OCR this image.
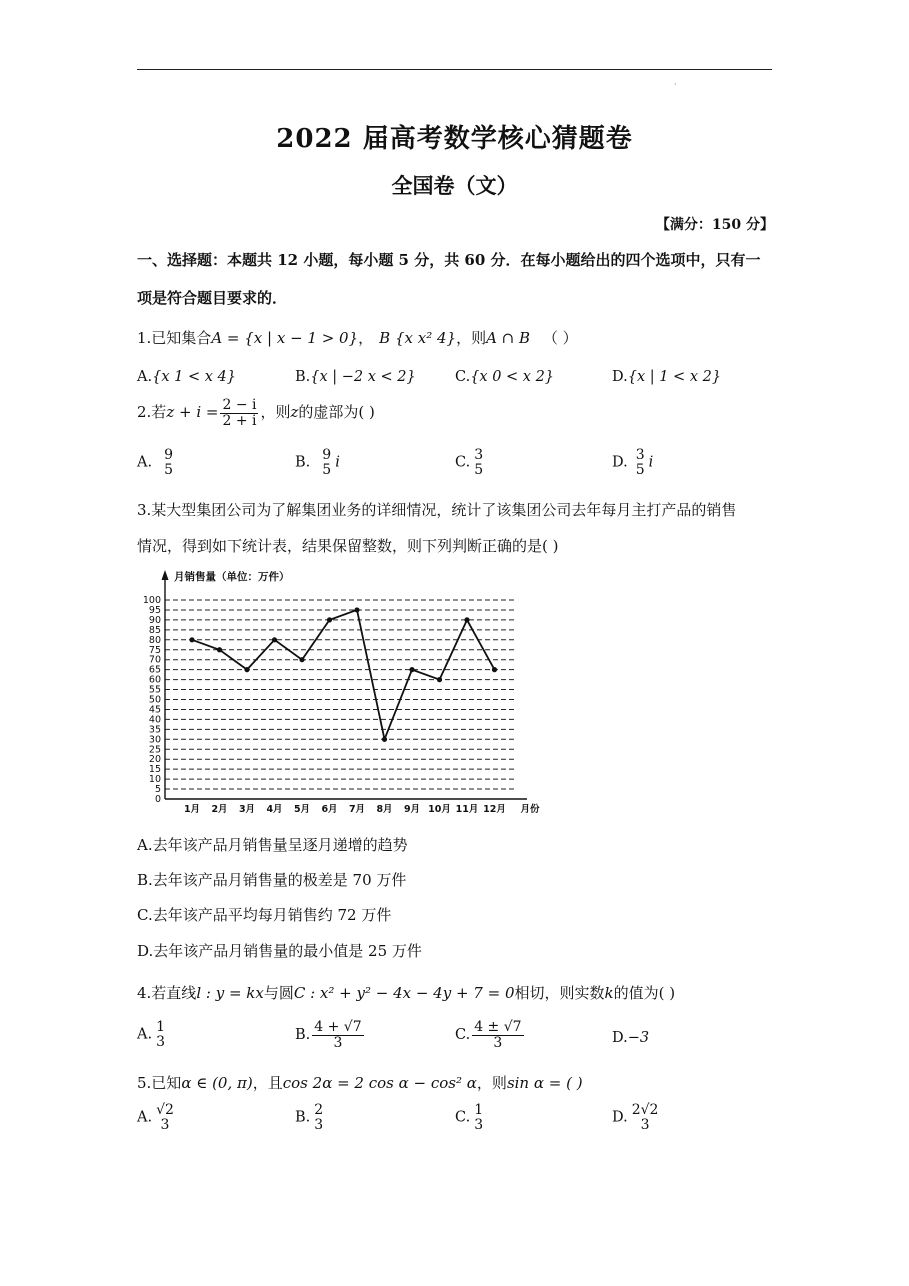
·
2022 届高考数学核心猜题卷
全国卷（文）
【满分：150 分】
一、选择题：本题共 12 小题，每小题 5 分，共 60 分．在每小题给出的四个选项中，只有一
项是符合题目要求的．
1.已知集合A = {x | x − 1 > 0}， B {x x² 4}，则A ∩ B （ ）
A.{x 1 < x 4}	B.{x | −2 x < 2}	C.{x 0 < x 2}	D.{x | 1 < x 2}
2.若$z + i = \frac{2 - i}{2 + i}$ ，则z的虚部为( )
A. 9
5	B. 9
5 i	C. 3
5	D. 3
5 i
3.某大型集团公司为了解集团业务的详细情况，统计了该集团公司去年每月主打产品的销售
情况，得到如下统计表，结果保留整数，则下列判断正确的是( )
0
5
10
15
20
25
30
35
40
45
50
55
60
65
70
75
80
85
90
95
100
月销售量（单位：万件）
1月 2月 3月 4月 5月 6月 7月 8月 9月 10月 11月 12月 月份
A.去年该产品月销售量呈逐月递增的趋势
B.去年该产品月销售量的极差是 70 万件
C.去年该产品平均每月销售约 72 万件
D.去年该产品月销售量的最小值是 25 万件
4.若直线l : y = kx与圆C : x² + y² − 4x − 4y + 7 = 0相切，则实数k的值为( )
A. 1
3	B. $\frac{4 + √7}{3}$	C. $\frac{4 \pm √7}{3}$	D.−3
5.已知α ∈ (0, π)，且cos 2α = 2 cos α − cos² α，则sin α = ( )
A. √2
3	B. 2
3	C. 1
3	D. 2√2
3
